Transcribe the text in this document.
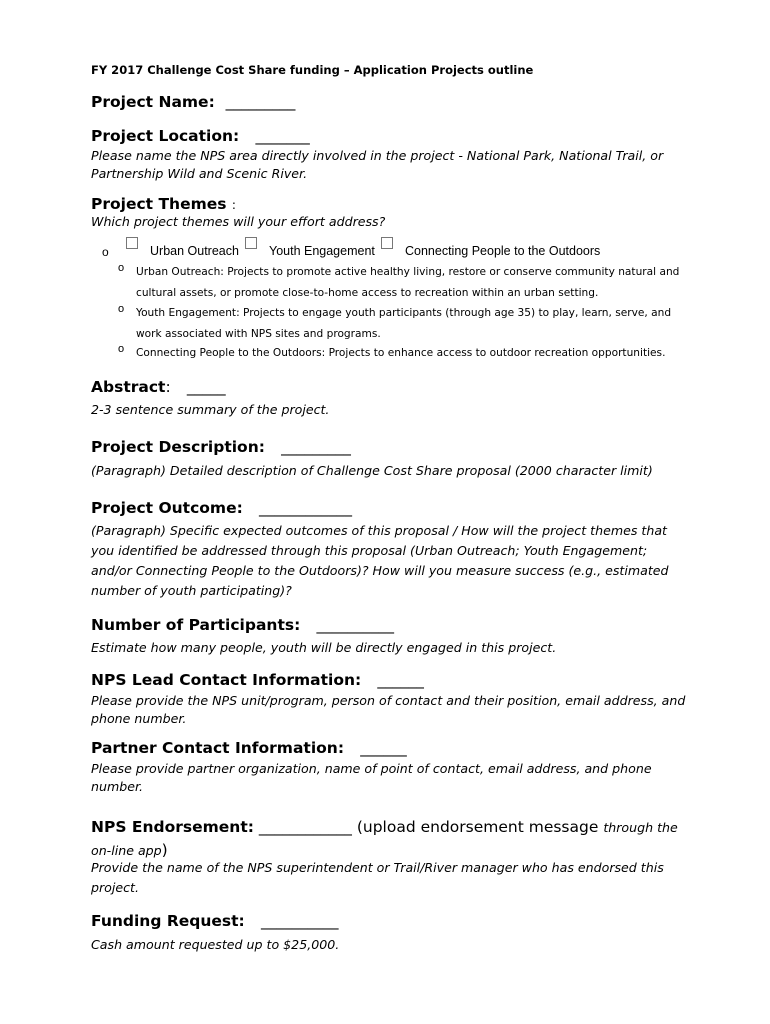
FY 2017 Challenge Cost Share funding – Application Projects outline
Project Name: _________
Project Location: _______
Please name the NPS area directly involved in the project - National Park, National Trail, or Partnership Wild and Scenic River.
Project Themes :
Which project themes will your effort address?
o	Urban Outreach Youth Engagement Connecting People to the Outdoors
o Urban Outreach: Projects to promote active healthy living, restore or conserve community natural and cultural assets, or promote close-to-home access to recreation within an urban setting.
o Youth Engagement: Projects to engage youth participants (through age 35) to play, learn, serve, and work associated with NPS sites and programs.
o Connecting People to the Outdoors: Projects to enhance access to outdoor recreation opportunities.
Abstract: _____
2-3 sentence summary of the project.
Project Description: _________
(Paragraph) Detailed description of Challenge Cost Share proposal (2000 character limit)
Project Outcome: ____________
(Paragraph) Specific expected outcomes of this proposal / How will the project themes that you identified be addressed through this proposal (Urban Outreach; Youth Engagement; and/or Connecting People to the Outdoors)? How will you measure success (e.g., estimated number of youth participating)?
Number of Participants: __________
Estimate how many people, youth will be directly engaged in this project.
NPS Lead Contact Information: ______
Please provide the NPS unit/program, person of contact and their position, email address, and phone number.
Partner Contact Information: ______
Please provide partner organization, name of point of contact, email address, and phone number.
NPS Endorsement: ____________ (upload endorsement message through the on-line app)
Provide the name of the NPS superintendent or Trail/River manager who has endorsed this project.
Funding Request: __________
Cash amount requested up to $25,000.
